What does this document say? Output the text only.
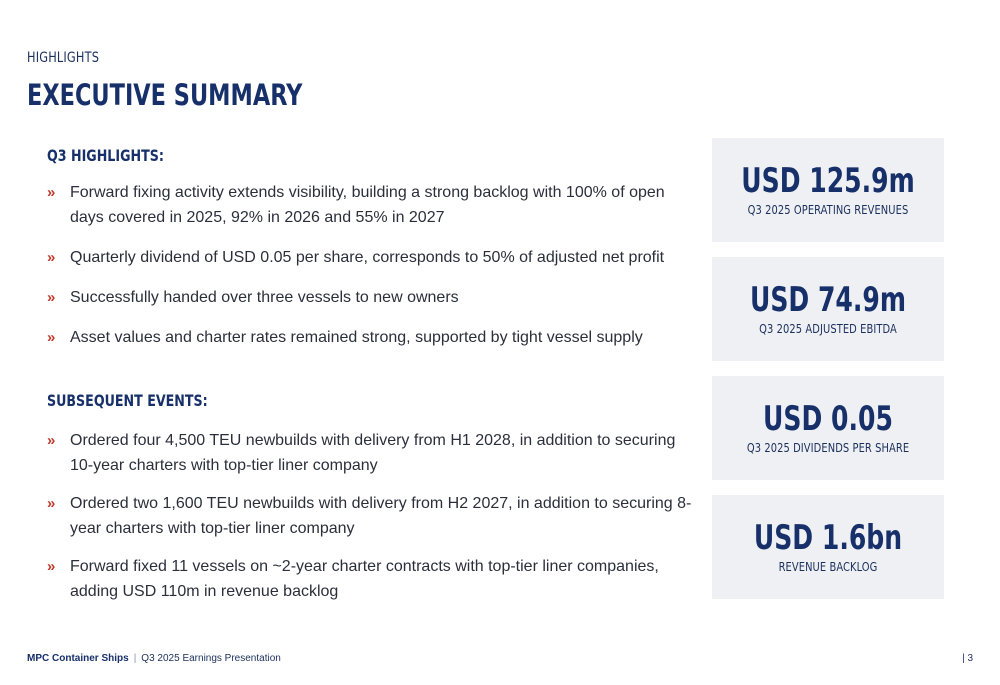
HIGHLIGHTS
EXECUTIVE SUMMARY
Q3 HIGHLIGHTS:
» Forward fixing activity extends visibility, building a strong backlog with 100% of open days covered in 2025, 92% in 2026 and 55% in 2027
» Quarterly dividend of USD 0.05 per share, corresponds to 50% of adjusted net profit
» Successfully handed over three vessels to new owners
» Asset values and charter rates remained strong, supported by tight vessel supply
SUBSEQUENT EVENTS:
» Ordered four 4,500 TEU newbuilds with delivery from H1 2028, in addition to securing 10-year charters with top-tier liner company
» Ordered two 1,600 TEU newbuilds with delivery from H2 2027, in addition to securing 8-year charters with top-tier liner company
» Forward fixed 11 vessels on ~2-year charter contracts with top-tier liner companies, adding USD 110m in revenue backlog
USD 125.9m
Q3 2025 OPERATING REVENUES
USD 74.9m
Q3 2025 ADJUSTED EBITDA
USD 0.05
Q3 2025 DIVIDENDS PER SHARE
USD 1.6bn
REVENUE BACKLOG
MPC Container Ships | Q3 2025 Earnings Presentation	| 3
